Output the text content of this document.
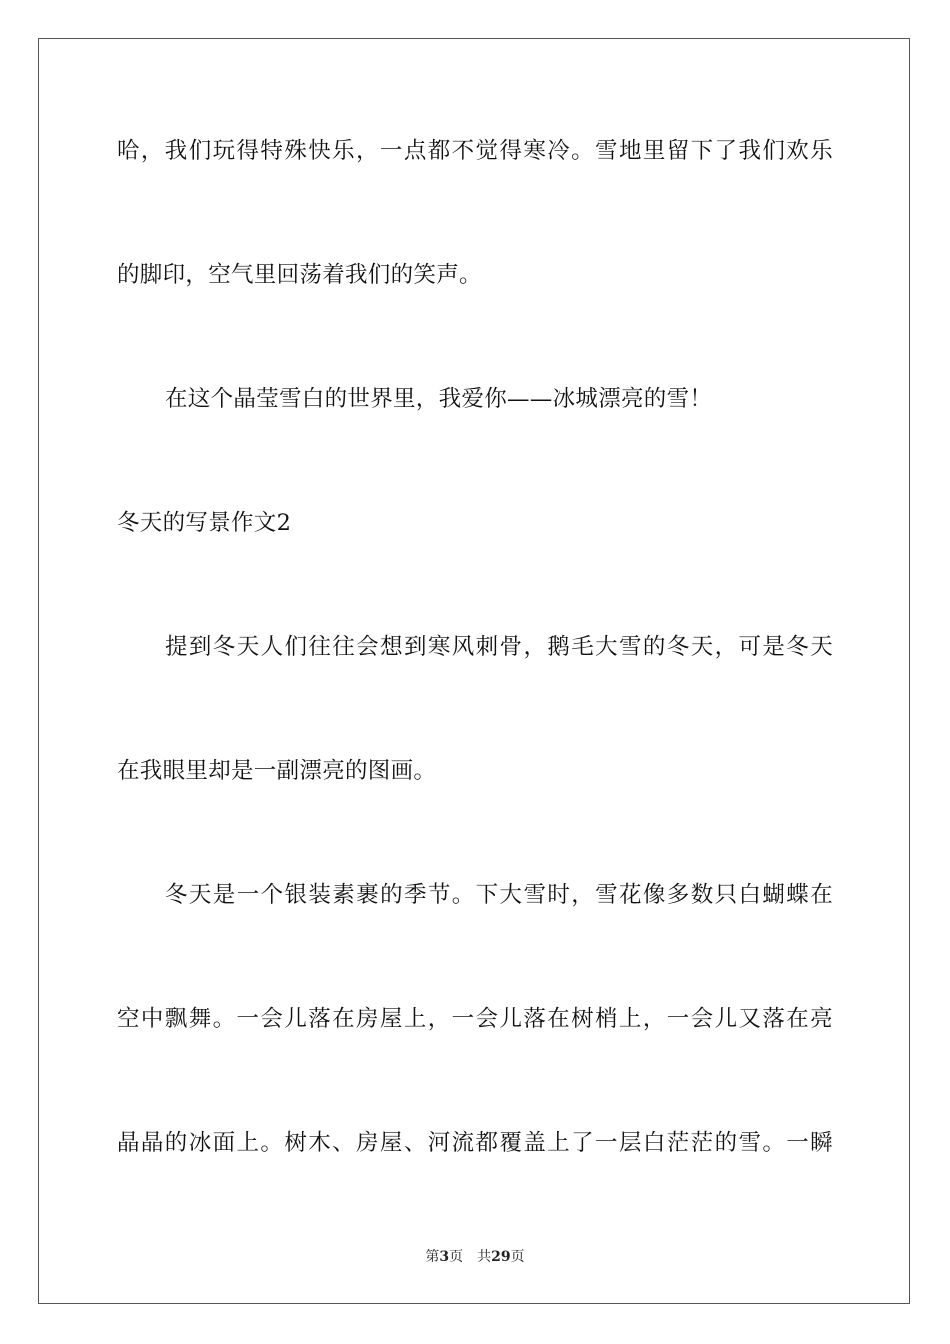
哈，我们玩得特殊快乐，一点都不觉得寒冷。雪地里留下了我们欢乐
的脚印，空气里回荡着我们的笑声。
在这个晶莹雪白的世界里，我爱你——冰城漂亮的雪！
冬天的写景作文2
提到冬天人们往往会想到寒风刺骨，鹅毛大雪的冬天，可是冬天
在我眼里却是一副漂亮的图画。
冬天是一个银装素裹的季节。下大雪时，雪花像多数只白蝴蝶在
空中飘舞。一会儿落在房屋上，一会儿落在树梢上，一会儿又落在亮
晶晶的冰面上。树木、房屋、河流都覆盖上了一层白茫茫的雪。一瞬
第3页 共29页
